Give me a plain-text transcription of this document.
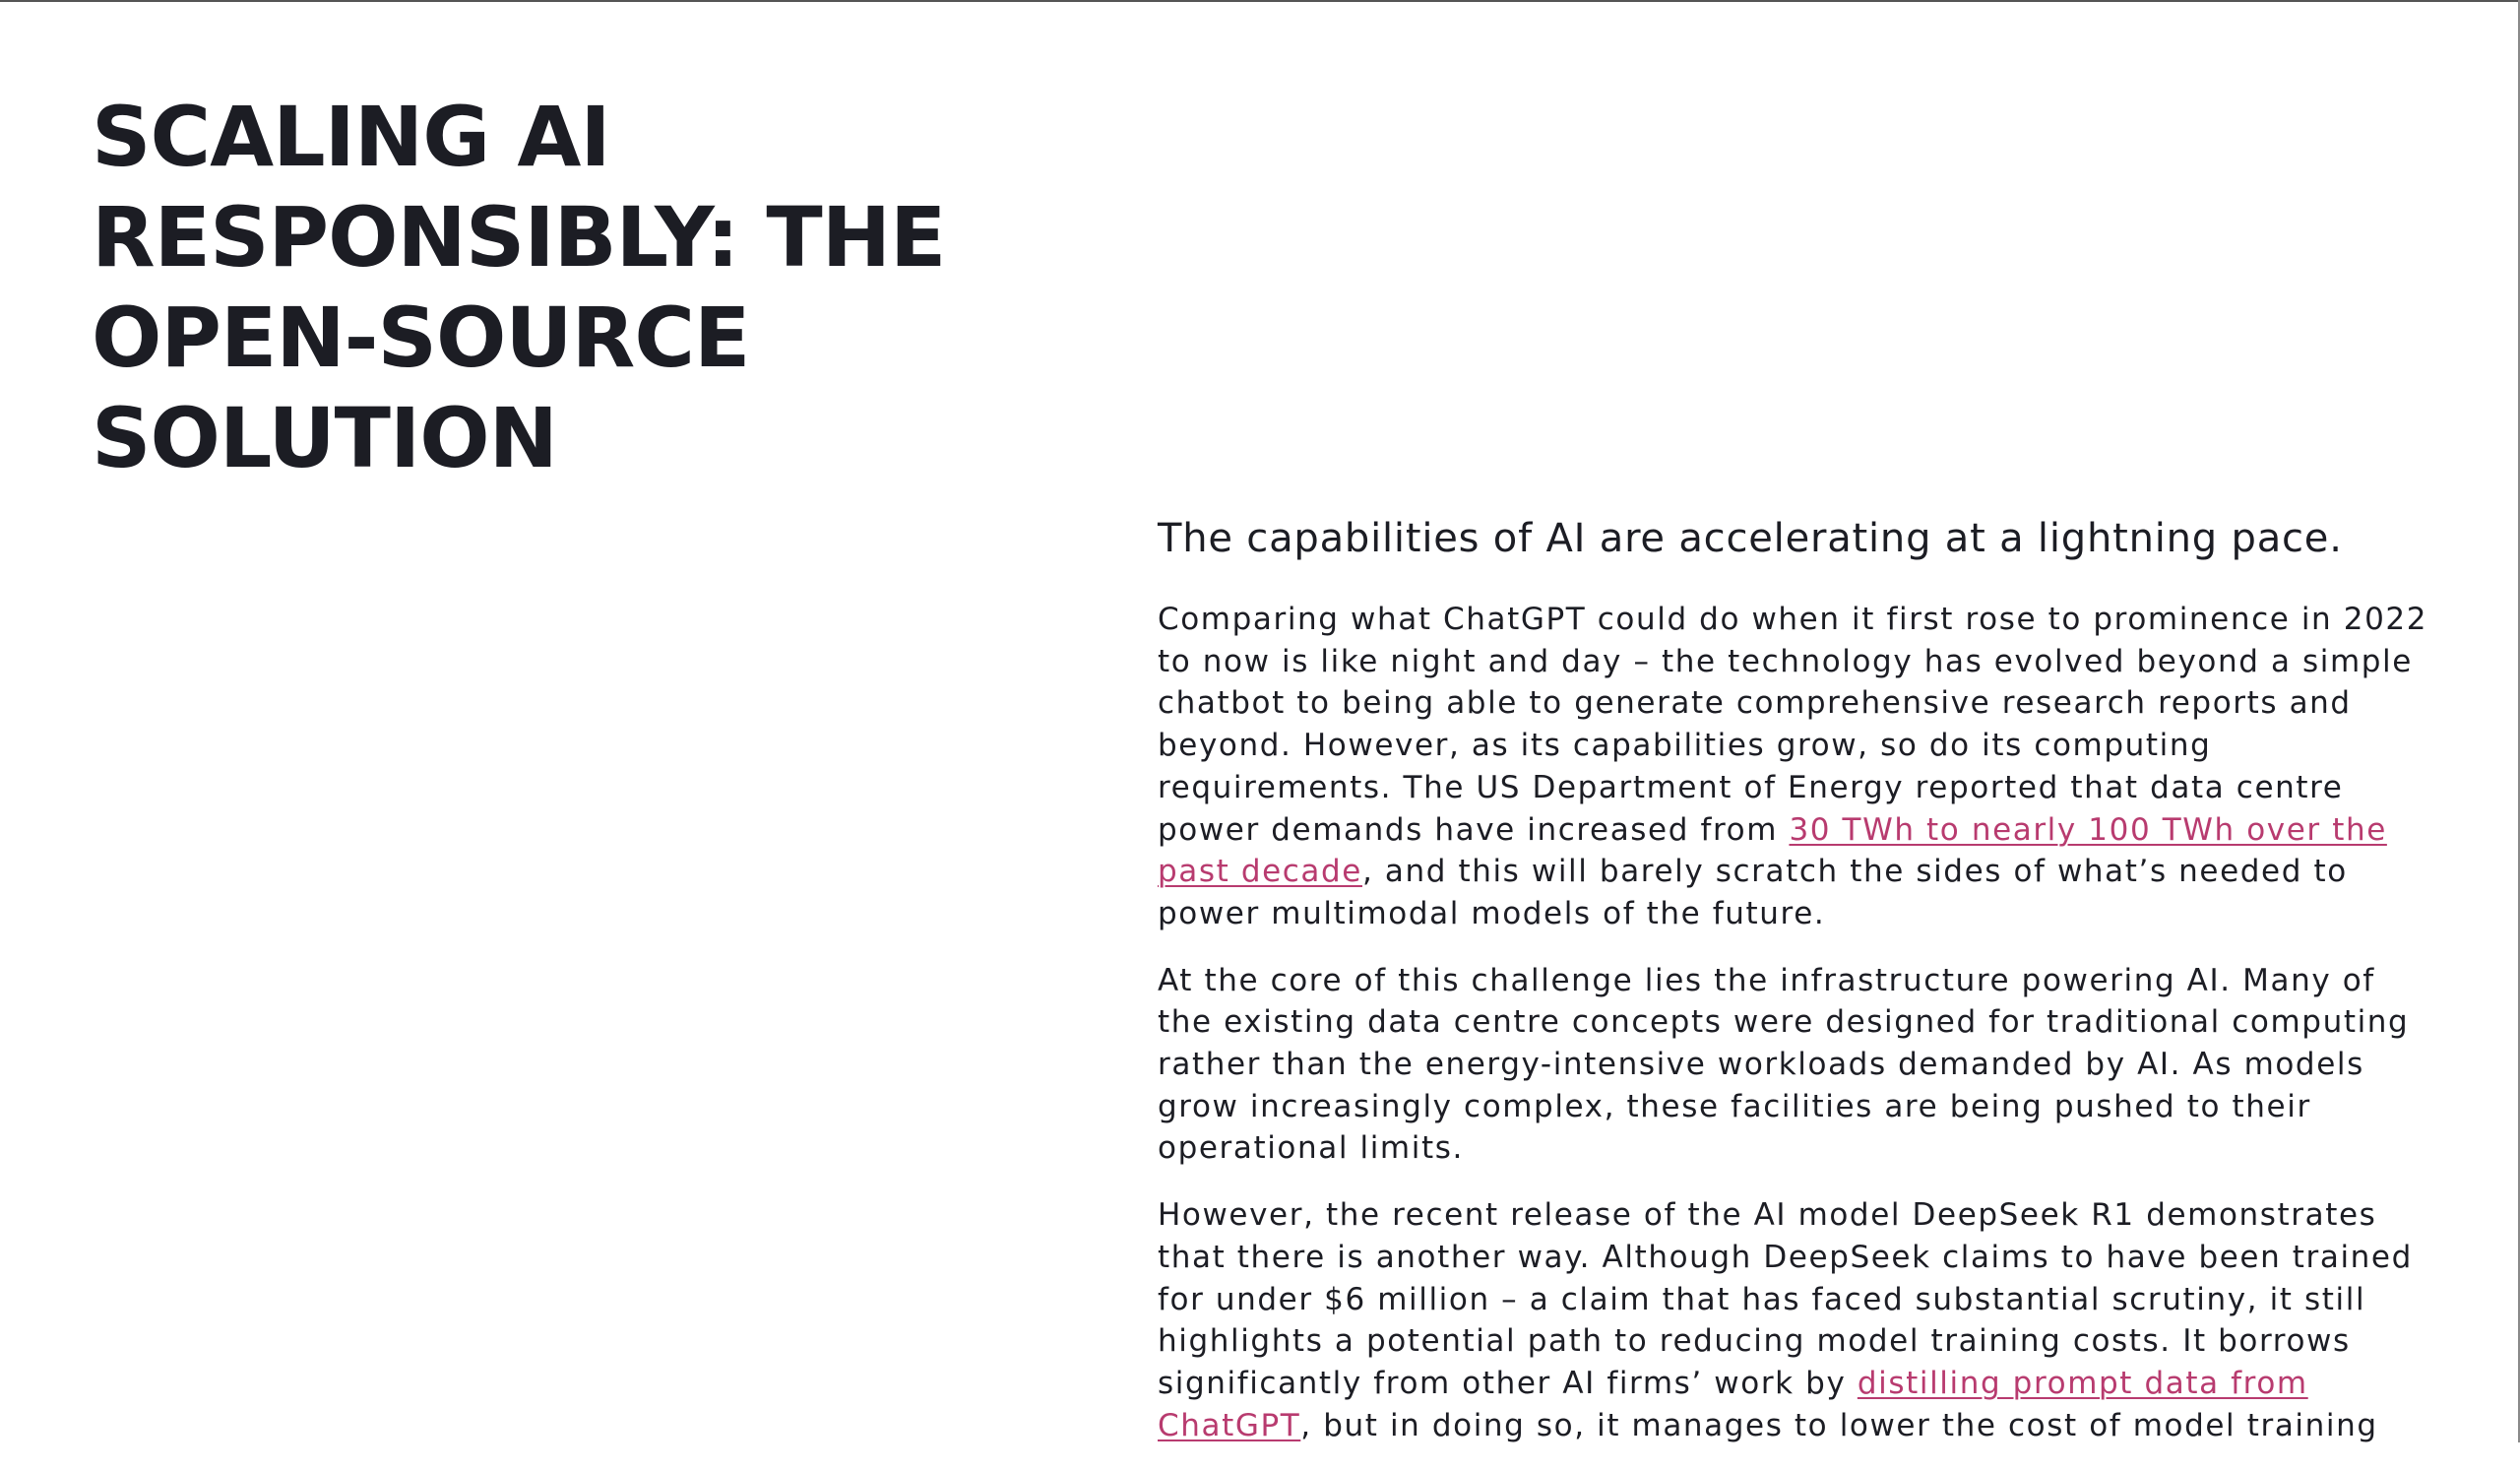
SCALING AI
RESPONSIBLY: THE
OPEN-SOURCE
SOLUTION

The capabilities of AI are accelerating at a lightning pace.

Comparing what ChatGPT could do when it first rose to prominence in 2022
to now is like night and day – the technology has evolved beyond a simple
chatbot to being able to generate comprehensive research reports and
beyond. However, as its capabilities grow, so do its computing
requirements. The US Department of Energy reported that data centre
power demands have increased from 30 TWh to nearly 100 TWh over the
past decade, and this will barely scratch the sides of what’s needed to
power multimodal models of the future.

At the core of this challenge lies the infrastructure powering AI. Many of
the existing data centre concepts were designed for traditional computing
rather than the energy-intensive workloads demanded by AI. As models
grow increasingly complex, these facilities are being pushed to their
operational limits.

However, the recent release of the AI model DeepSeek R1 demonstrates
that there is another way. Although DeepSeek claims to have been trained
for under $6 million – a claim that has faced substantial scrutiny, it still
highlights a potential path to reducing model training costs. It borrows
significantly from other AI firms’ work by distilling prompt data from
ChatGPT, but in doing so, it manages to lower the cost of model training
